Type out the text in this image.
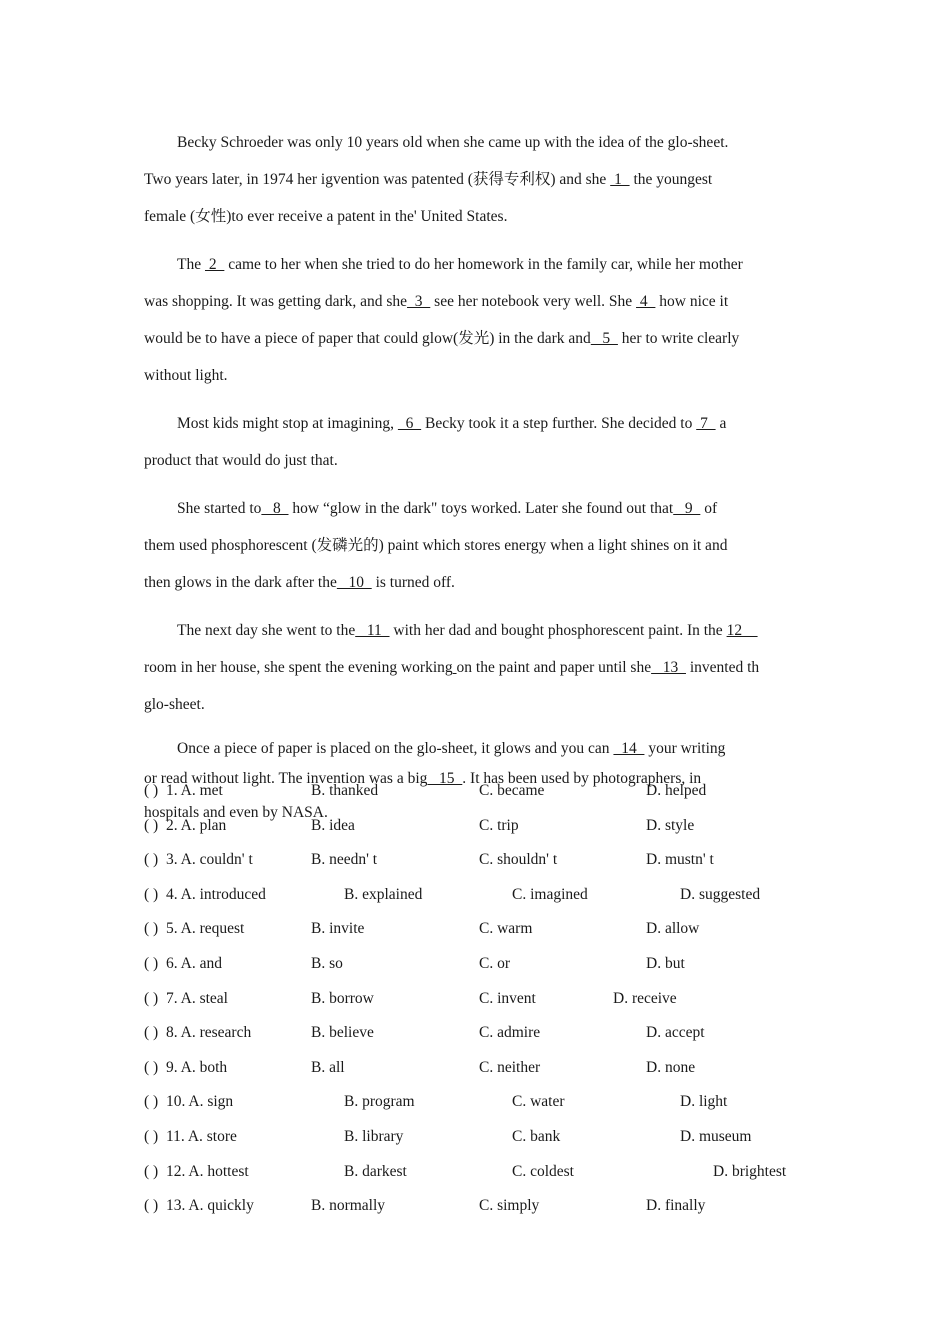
Becky Schroeder was only 10 years old when she came up with the idea of the glo-sheet.
Two years later, in 1974 her igvention was patented (获得专利权) and she  1   the youngest
female (女性)to ever receive a patent in the' United States.

The  2   came to her when she tried to do her homework in the family car, while her mother
was shopping. It was getting dark, and she  3   see her notebook very well. She  4   how nice it
would be to have a piece of paper that could glow(发光) in the dark and   5   her to write clearly
without light.

Most kids might stop at imagining,   6   Becky took it a step further. She decided to  7   a
product that would do just that.

She started to   8   how “glow in the dark" toys worked. Later she found out that   9   of
them used phosphorescent (发磷光的) paint which stores energy when a light shines on it and
then glows in the dark after the   10   is turned off.

The next day she went to the   11   with her dad and bought phosphorescent paint. In the 12
room in her house, she spent the evening working on the paint and paper until she   13   invented th
glo-sheet.

Once a piece of paper is placed on the glo-sheet, it glows and you can   14   your writing
or read without light. The invention was a big   15  . It has been used by photographers, in
hospitals and even by NASA.

( ) 1. A. met	B. thanked	C. became	D. helped
( ) 2. A. plan	B. idea	C. trip	D. style
( ) 3. A. couldn' t	B. needn' t	C. shouldn' t	D. mustn' t
( ) 4. A. introduced	B. explained	C. imagined	D. suggested
( ) 5. A. request	B. invite	C. warm	D. allow
( ) 6. A. and	B. so	C. or	D. but
( ) 7. A. steal	B. borrow	C. invent	D. receive
( ) 8. A. research	B. believe	C. admire	D. accept
( ) 9. A. both	B. all	C. neither	D. none
( ) 10. A. sign	B. program	C. water	D. light
( ) 11. A. store	B. library	C. bank	D. museum
( ) 12. A. hottest	B. darkest	C. coldest	D. brightest
( ) 13. A. quickly	B. normally	C. simply	D. finally
